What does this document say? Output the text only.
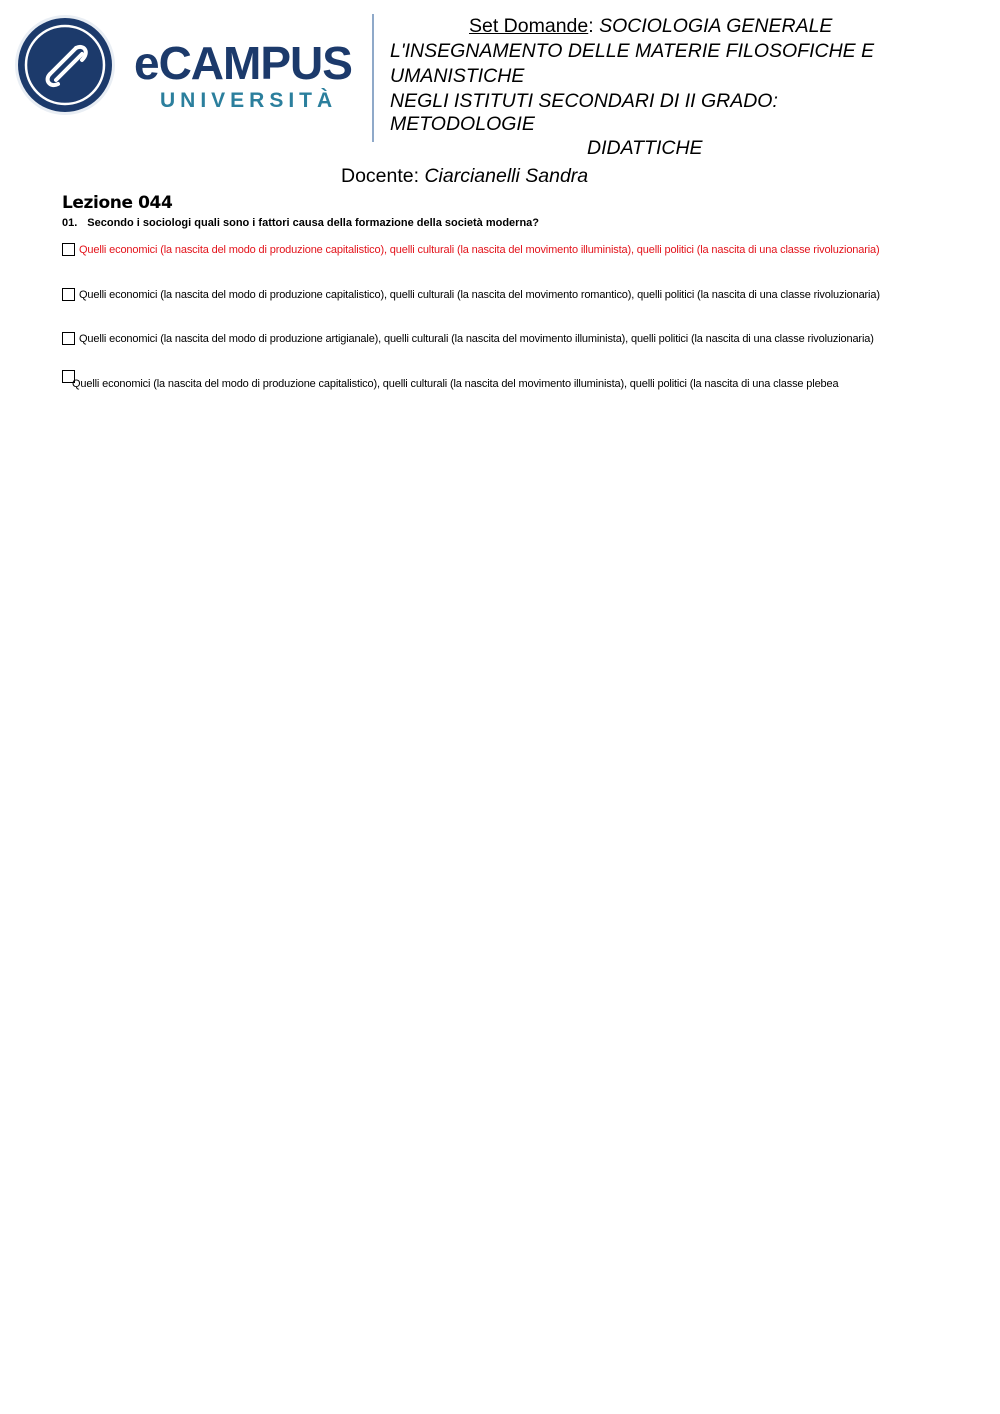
eCAMPUS
UNIVERSITÀ
Set Domande: SOCIOLOGIA GENERALE
L'INSEGNAMENTO DELLE MATERIE FILOSOFICHE E
UMANISTICHE
NEGLI ISTITUTI SECONDARI DI II GRADO:
METODOLOGIE
DIDATTICHE
Docente: Ciarcianelli Sandra
Lezione 044
01. Secondo i sociologi quali sono i fattori causa della formazione della società moderna?
Quelli economici (la nascita del modo di produzione capitalistico), quelli culturali (la nascita del movimento illuminista), quelli politici (la nascita di una classe rivoluzionaria)
Quelli economici (la nascita del modo di produzione capitalistico), quelli culturali (la nascita del movimento romantico), quelli politici (la nascita di una classe rivoluzionaria)
Quelli economici (la nascita del modo di produzione artigianale), quelli culturali (la nascita del movimento illuminista), quelli politici (la nascita di una classe rivoluzionaria)
Quelli economici (la nascita del modo di produzione capitalistico), quelli culturali (la nascita del movimento illuminista), quelli politici (la nascita di una classe plebea
